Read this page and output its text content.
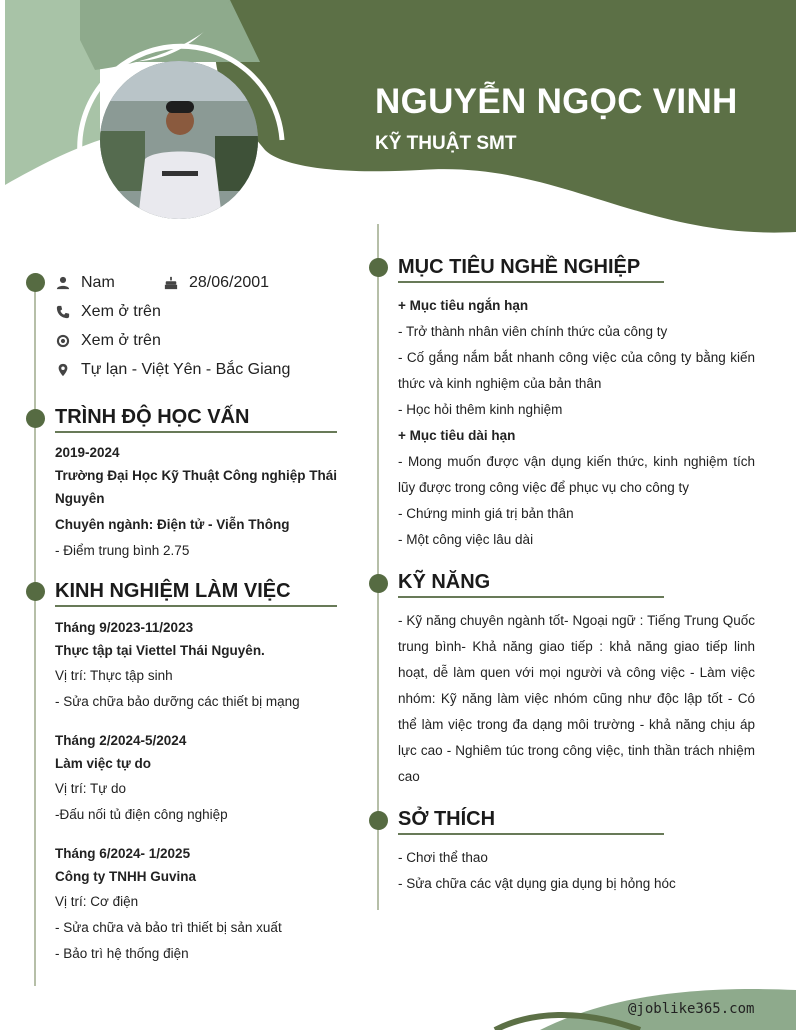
NGUYỄN NGỌC VINH
KỸ THUẬT SMT
Nam	28/06/2001
Xem ở trên
Xem ở trên
Tự lạn - Việt Yên - Bắc Giang
TRÌNH ĐỘ HỌC VẤN
2019-2024
Trường Đại Học Kỹ Thuật Công nghiệp Thái Nguyên
Chuyên ngành: Điện tử - Viễn Thông
- Điểm trung bình 2.75
KINH NGHIỆM LÀM VIỆC
Tháng 9/2023-11/2023
Thực tập tại Viettel Thái Nguyên.
Vị trí: Thực tập sinh
- Sửa chữa bảo dưỡng các thiết bị mạng
Tháng 2/2024-5/2024
Làm việc tự do
Vị trí: Tự do
-Đấu nối tủ điện công nghiệp
Tháng 6/2024- 1/2025
Công ty TNHH Guvina
Vị trí: Cơ điện
- Sửa chữa và bảo trì thiết bị sản xuất
- Bảo trì hệ thống điện
MỤC TIÊU NGHỀ NGHIỆP
+ Mục tiêu ngắn hạn
- Trở thành nhân viên chính thức của công ty
- Cố gắng nắm bắt nhanh công việc của công ty bằng kiến thức và kinh nghiệm của bản thân
- Học hỏi thêm kinh nghiệm
+ Mục tiêu dài hạn
- Mong muốn được vận dụng kiến thức, kinh nghiệm tích lũy được trong công việc để phục vụ cho công ty
- Chứng minh giá trị bản thân
- Một công việc lâu dài
KỸ NĂNG
- Kỹ năng chuyên ngành tốt- Ngoại ngữ : Tiếng Trung Quốc trung bình- Khả năng giao tiếp : khả năng giao tiếp linh hoạt, dễ làm quen với mọi người và công việc - Làm việc nhóm: Kỹ năng làm việc nhóm cũng như độc lập tốt - Có thể làm việc trong đa dạng môi trường - khả năng chịu áp lực cao - Nghiêm túc trong công việc, tinh thần trách nhiệm cao
SỞ THÍCH
- Chơi thể thao
- Sửa chữa các vật dụng gia dụng bị hỏng hóc
@joblike365.com
